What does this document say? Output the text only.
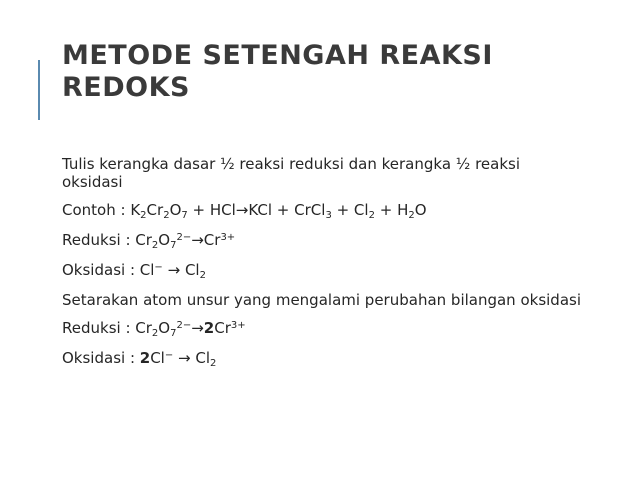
METODE SETENGAH REAKSI
REDOKS
Tulis kerangka dasar ½ reaksi reduksi dan kerangka ½ reaksi oksidasi
Contoh : $K_2Cr_2O_7 + HCl\to KCl$ + CrCl$_3$ + $Cl_2 + H_2O$
Reduksi : $Cr_2O_7^{2-}\to Cr^{3+}$
Oksidasi : $Cl^- \to Cl_2$
Setarakan atom unsur yang mengalami perubahan bilangan oksidasi
Reduksi : $Cr_2O_7^{2-}\to 2Cr^{3+}$
Oksidasi : $2Cl^- \to Cl_2$
